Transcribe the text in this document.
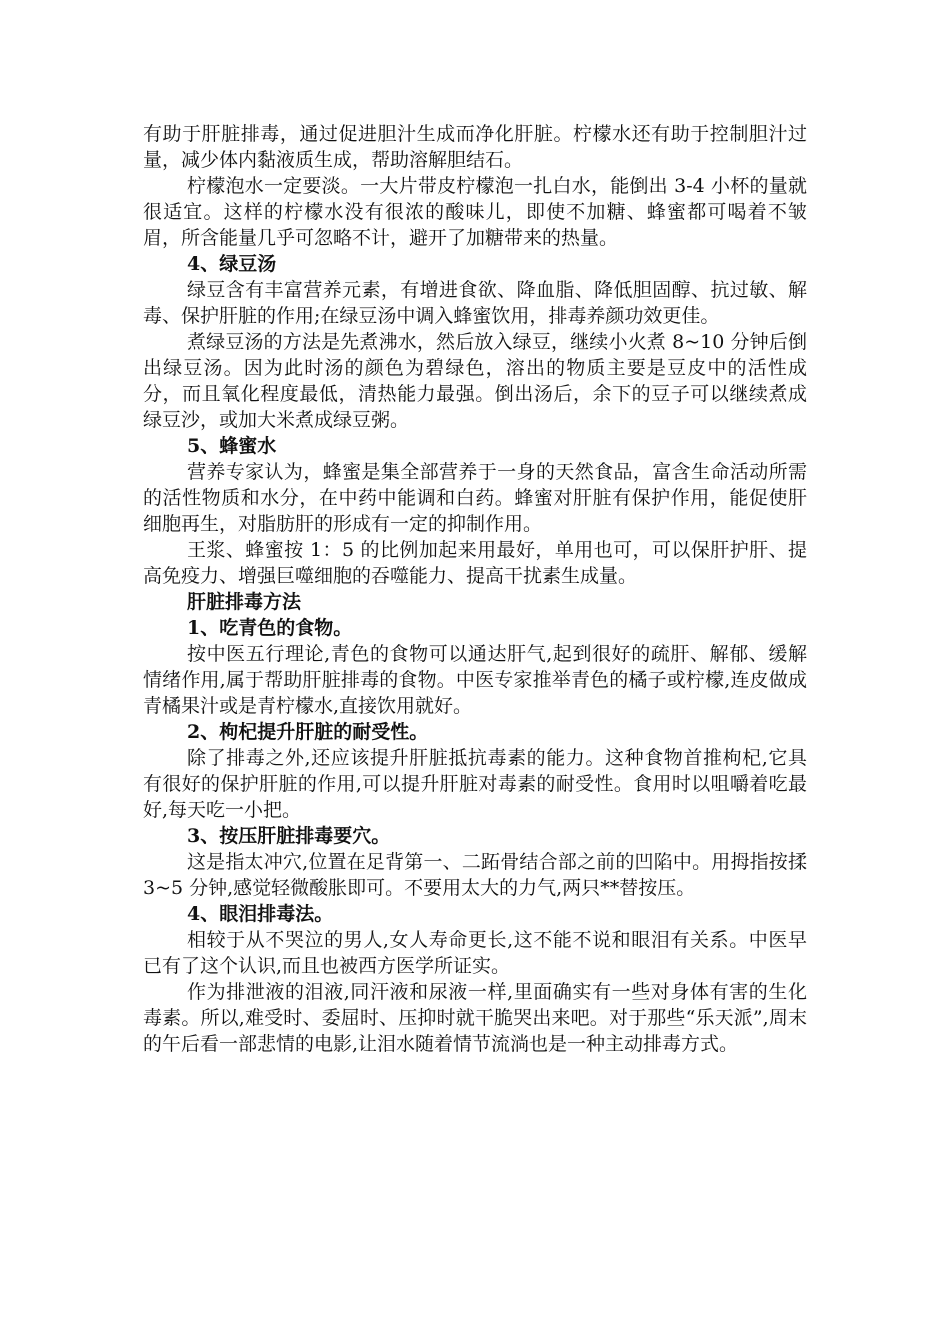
有助于肝脏排毒，通过促进胆汁生成而净化肝脏。柠檬水还有助于控制胆汁过量，减少体内黏液质生成，帮助溶解胆结石。

柠檬泡水一定要淡。一大片带皮柠檬泡一扎白水，能倒出 3-4 小杯的量就很适宜。这样的柠檬水没有很浓的酸味儿，即使不加糖、蜂蜜都可喝着不皱眉，所含能量几乎可忽略不计，避开了加糖带来的热量。

4、绿豆汤

绿豆含有丰富营养元素，有增进食欲、降血脂、降低胆固醇、抗过敏、解毒、保护肝脏的作用;在绿豆汤中调入蜂蜜饮用，排毒养颜功效更佳。

煮绿豆汤的方法是先煮沸水，然后放入绿豆，继续小火煮 8~10 分钟后倒出绿豆汤。因为此时汤的颜色为碧绿色，溶出的物质主要是豆皮中的活性成分，而且氧化程度最低，清热能力最强。倒出汤后，余下的豆子可以继续煮成绿豆沙，或加大米煮成绿豆粥。

5、蜂蜜水

营养专家认为，蜂蜜是集全部营养于一身的天然食品，富含生命活动所需的活性物质和水分，在中药中能调和白药。蜂蜜对肝脏有保护作用，能促使肝细胞再生，对脂肪肝的形成有一定的抑制作用。

王浆、蜂蜜按 1：5 的比例加起来用最好，单用也可，可以保肝护肝、提高免疫力、增强巨噬细胞的吞噬能力、提高干扰素生成量。

肝脏排毒方法

1、吃青色的食物。

按中医五行理论,青色的食物可以通达肝气,起到很好的疏肝、解郁、缓解情绪作用,属于帮助肝脏排毒的食物。中医专家推举青色的橘子或柠檬,连皮做成青橘果汁或是青柠檬水,直接饮用就好。

2、枸杞提升肝脏的耐受性。

除了排毒之外,还应该提升肝脏抵抗毒素的能力。这种食物首推枸杞,它具有很好的保护肝脏的作用,可以提升肝脏对毒素的耐受性。食用时以咀嚼着吃最好,每天吃一小把。

3、按压肝脏排毒要穴。

这是指太冲穴,位置在足背第一、二跖骨结合部之前的凹陷中。用拇指按揉 3~5 分钟,感觉轻微酸胀即可。不要用太大的力气,两只**替按压。

4、眼泪排毒法。

相较于从不哭泣的男人,女人寿命更长,这不能不说和眼泪有关系。中医早已有了这个认识,而且也被西方医学所证实。

作为排泄液的泪液,同汗液和尿液一样,里面确实有一些对身体有害的生化毒素。所以,难受时、委屈时、压抑时就干脆哭出来吧。对于那些“乐天派”,周末的午后看一部悲情的电影,让泪水随着情节流淌也是一种主动排毒方式。
